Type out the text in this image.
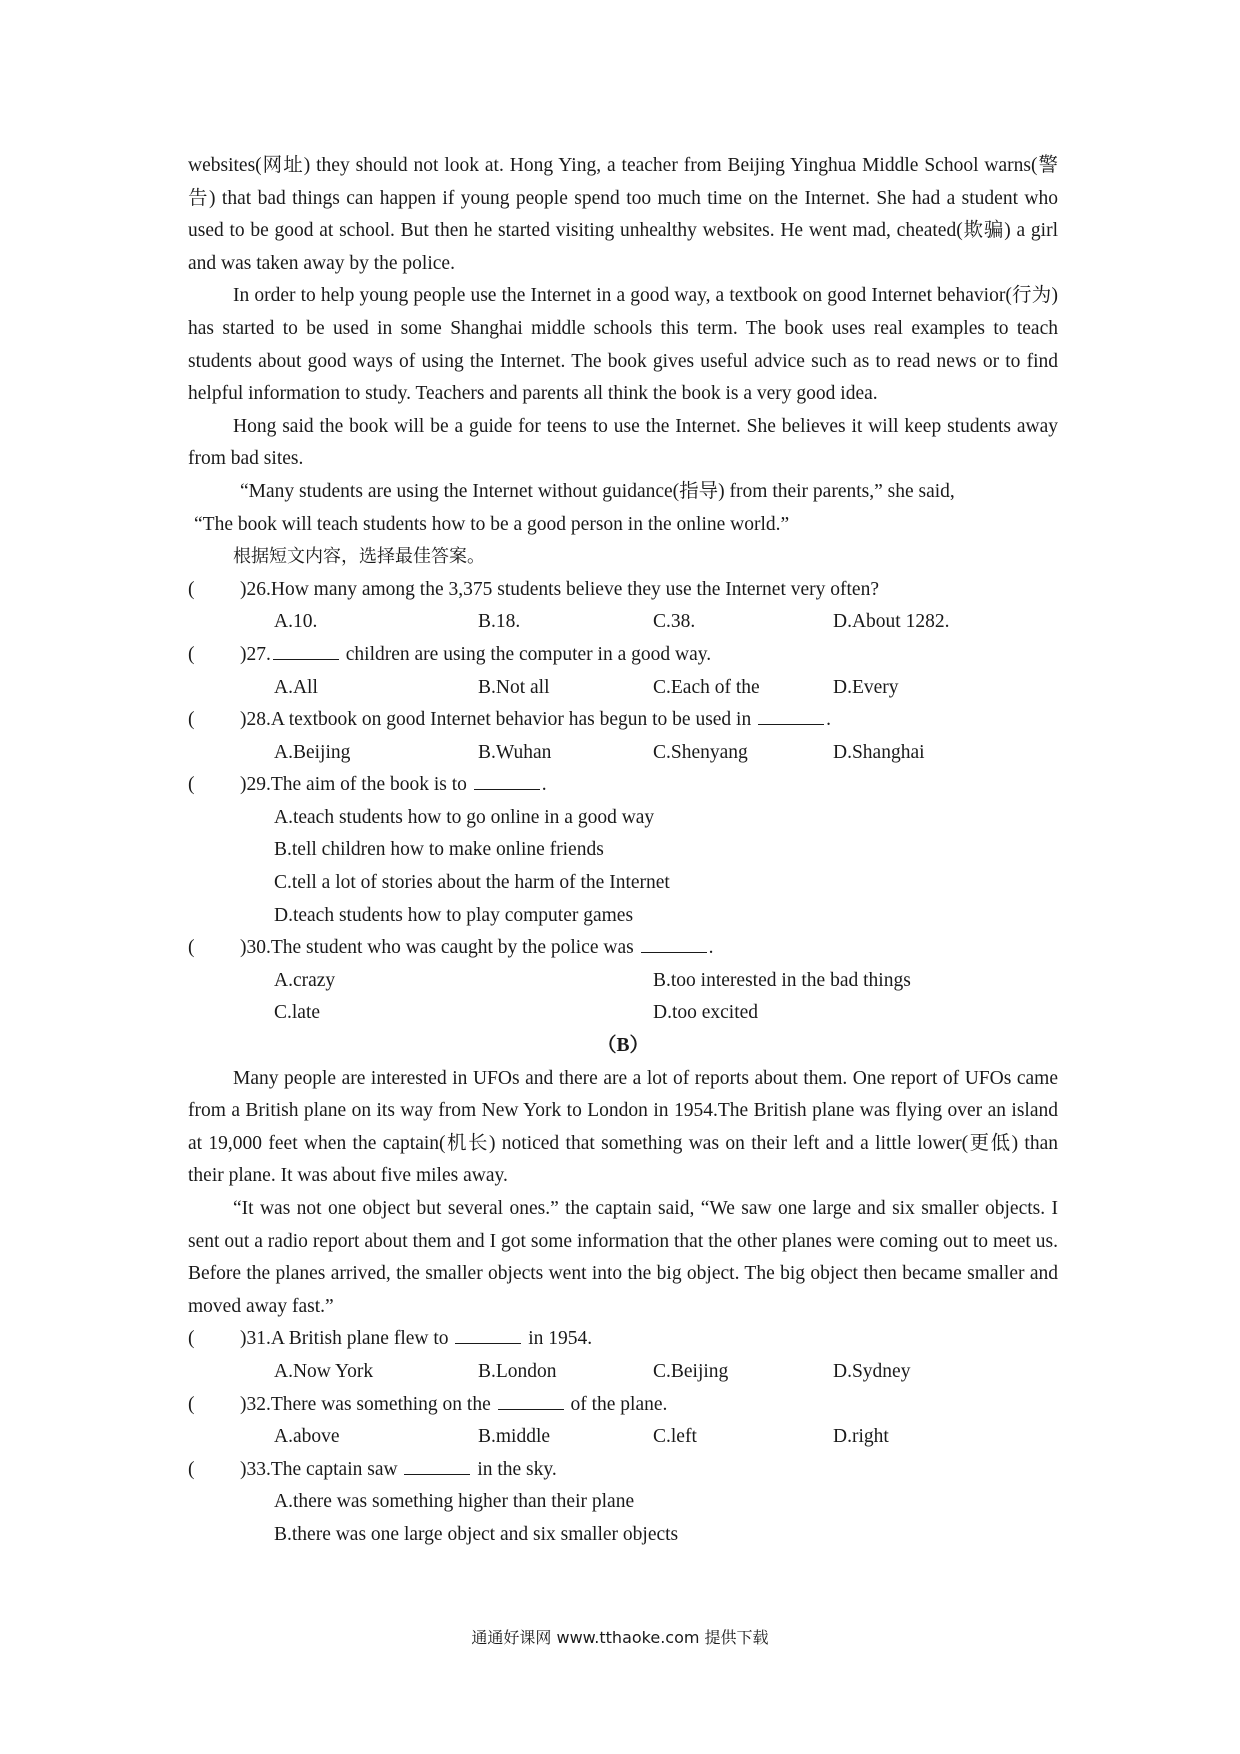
websites(网址) they should not look at. Hong Ying, a teacher from Beijing Yinghua Middle School warns(警告) that bad things can happen if young people spend too much time on the Internet. She had a student who used to be good at school. But then he started visiting unhealthy websites. He went mad, cheated(欺骗) a girl and was taken away by the police.

In order to help young people use the Internet in a good way, a textbook on good Internet behavior(行为) has started to be used in some Shanghai middle schools this term. The book uses real examples to teach students about good ways of using the Internet. The book gives useful advice such as to read news or to find helpful information to study. Teachers and parents all think the book is a very good idea.

Hong said the book will be a guide for teens to use the Internet. She believes it will keep students away from bad sites.

“Many students are using the Internet without guidance(指导) from their parents,” she said,

“The book will teach students how to be a good person in the online world.”

根据短文内容，选择最佳答案。

( )26.How many among the 3,375 students believe they use the Internet very often?
A.10.	B.18.	C.38.	D.About 1282.
( )27.	children are using the computer in a good way.
A.All	B.Not all	C.Each of the	D.Every
( )28.A textbook on good Internet behavior has begun to be used in	.
A.Beijing	B.Wuhan	C.Shenyang	D.Shanghai
( )29.The aim of the book is to	.
A.teach students how to go online in a good way
B.tell children how to make online friends
C.tell a lot of stories about the harm of the Internet
D.teach students how to play computer games
( )30.The student who was caught by the police was	.
A.crazy	B.too interested in the bad things
C.late	D.too excited
（B）

Many people are interested in UFOs and there are a lot of reports about them. One report of UFOs came from a British plane on its way from New York to London in 1954.The British plane was flying over an island at 19,000 feet when the captain(机长) noticed that something was on their left and a little lower(更低) than their plane. It was about five miles away.

“It was not one object but several ones.” the captain said, “We saw one large and six smaller objects. I sent out a radio report about them and I got some information that the other planes were coming out to meet us. Before the planes arrived, the smaller objects went into the big object. The big object then became smaller and moved away fast.”

( )31.A British plane flew to	in 1954.
A.Now York	B.London	C.Beijing	D.Sydney
( )32.There was something on the	of the plane.
A.above	B.middle	C.left	D.right
( )33.The captain saw	in the sky.
A.there was something higher than their plane
B.there was one large object and six smaller objects
通通好课网 www.tthaoke.com 提供下载
